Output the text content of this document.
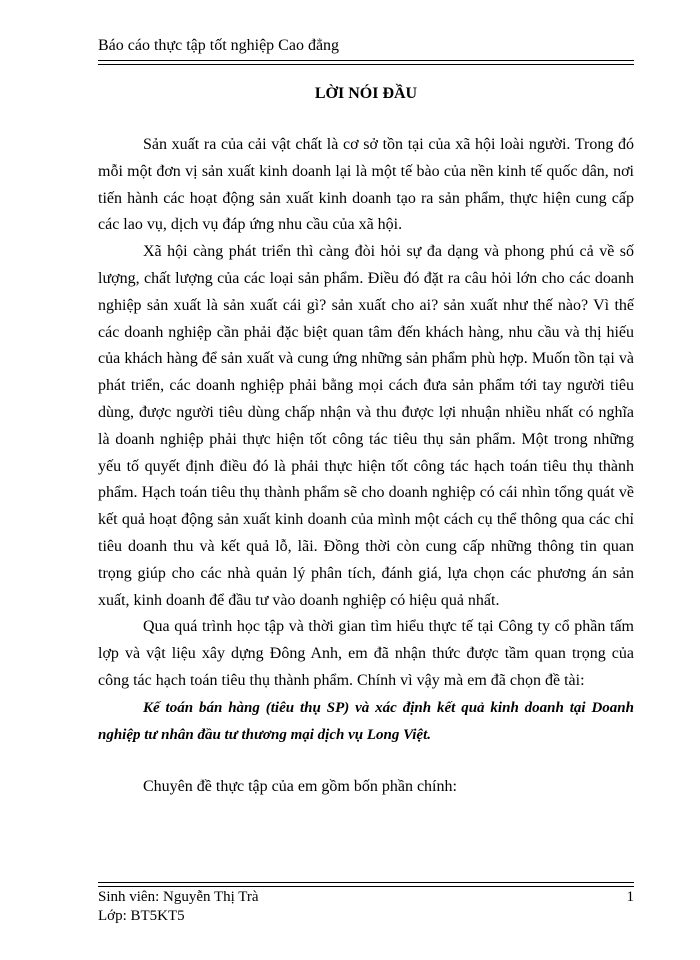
Báo cáo thực tập tốt nghiệp Cao đẳng
LỜI NÓI ĐẦU

Sản xuất ra của cải vật chất là cơ sở tồn tại của xã hội loài người. Trong đó mỗi một đơn vị sản xuất kinh doanh lại là một tế bào của nền kinh tế quốc dân, nơi tiến hành các hoạt động sản xuất kinh doanh tạo ra sản phẩm, thực hiện cung cấp các lao vụ, dịch vụ đáp ứng nhu cầu của xã hội.

Xã hội càng phát triển thì càng đòi hỏi sự đa dạng và phong phú cả về số lượng, chất lượng của các loại sản phẩm. Điều đó đặt ra câu hỏi lớn cho các doanh nghiệp sản xuất là sản xuất cái gì? sản xuất cho ai? sản xuất như thế nào? Vì thế các doanh nghiệp cần phải đặc biệt quan tâm đến khách hàng, nhu cầu và thị hiếu của khách hàng để sản xuất và cung ứng những sản phẩm phù hợp. Muốn tồn tại và phát triển, các doanh nghiệp phải bằng mọi cách đưa sản phẩm tới tay người tiêu dùng, được người tiêu dùng chấp nhận và thu được lợi nhuận nhiều nhất có nghĩa là doanh nghiệp phải thực hiện tốt công tác tiêu thụ sản phẩm. Một trong những yếu tố quyết định điều đó là phải thực hiện tốt công tác hạch toán tiêu thụ thành phẩm. Hạch toán tiêu thụ thành phẩm sẽ cho doanh nghiệp có cái nhìn tổng quát về kết quả hoạt động sản xuất kinh doanh của mình một cách cụ thể thông qua các chỉ tiêu doanh thu và kết quả lỗ, lãi. Đồng thời còn cung cấp những thông tin quan trọng giúp cho các nhà quản lý phân tích, đánh giá, lựa chọn các phương án sản xuất, kinh doanh để đầu tư vào doanh nghiệp có hiệu quả nhất.

Qua quá trình học tập và thời gian tìm hiểu thực tế tại Công ty cổ phần tấm lợp và vật liệu xây dựng Đông Anh, em đã nhận thức được tầm quan trọng của công tác hạch toán tiêu thụ thành phẩm. Chính vì vậy mà em đã chọn đề tài:

Kế toán bán hàng (tiêu thụ SP) và xác định kết quả kinh doanh tại Doanh nghiệp tư nhân đầu tư thương mại dịch vụ Long Việt.

Chuyên đề thực tập của em gồm bốn phần chính:

Sinh viên: Nguyễn Thị Trà	1
Lớp: BT5KT5
